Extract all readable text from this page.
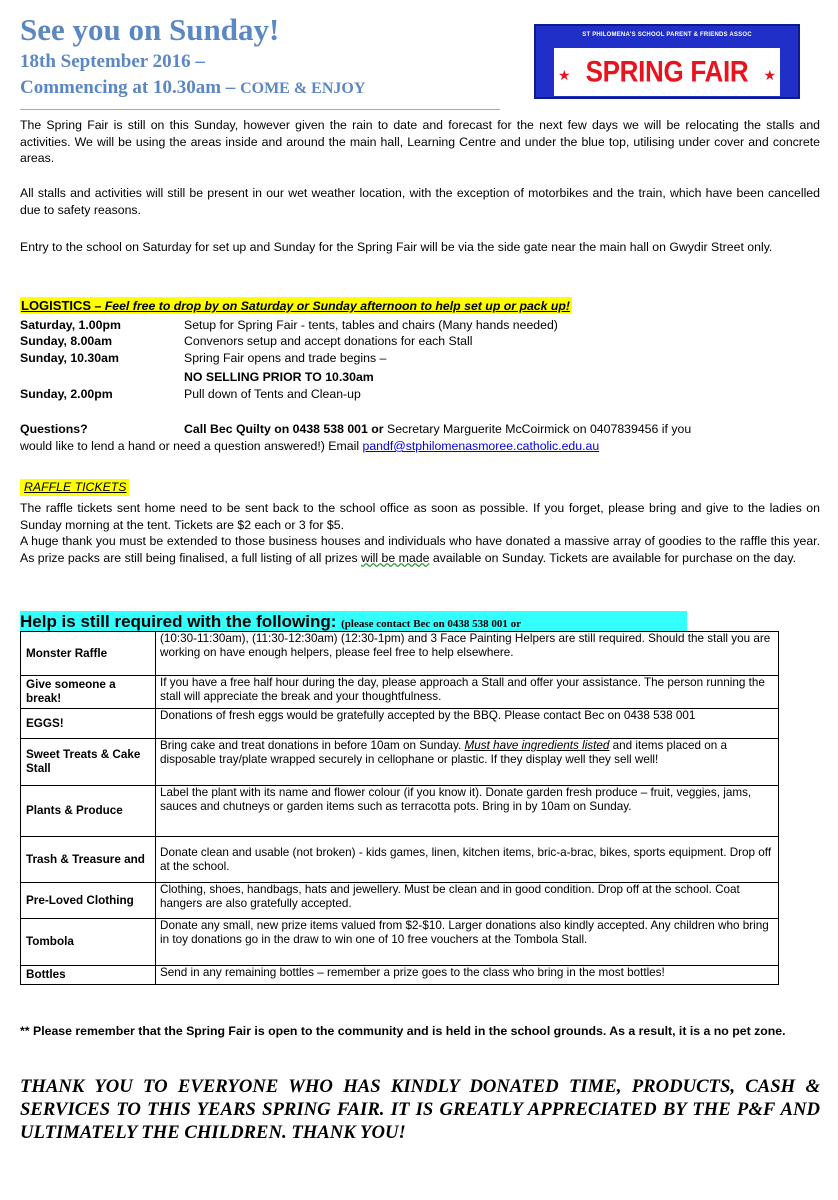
See you on Sunday!
18th September 2016 –
Commencing at 10.30am – COME & ENJOY
ST PHILOMENA'S SCHOOL PARENT & FRIENDS ASSOC
★	★
SPRING FAIR
The Spring Fair is still on this Sunday, however given the rain to date and forecast for the next few days we will be relocating the stalls and activities. We will be using the areas inside and around the main hall, Learning Centre and under the blue top, utilising under cover and concrete areas.
All stalls and activities will still be present in our wet weather location, with the exception of motorbikes and the train, which have been cancelled due to safety reasons.
Entry to the school on Saturday for set up and Sunday for the Spring Fair will be via the side gate near the main hall on Gwydir Street only.
LOGISTICS – Feel free to drop by on Saturday or Sunday afternoon to help set up or pack up!
Saturday, 1.00pm	Setup for Spring Fair - tents, tables and chairs (Many hands needed)
Sunday, 8.00am	Convenors setup and accept donations for each Stall
Sunday, 10.30am	Spring Fair opens and trade begins –
NO SELLING PRIOR TO 10.30am
Sunday, 2.00pm	Pull down of Tents and Clean-up
Questions?	Call Bec Quilty on 0438 538 001 or Secretary Marguerite McCoirmick on 0407839456 if you
would like to lend a hand or need a question answered!) Email pandf@stphilomenasmoree.catholic.edu.au
RAFFLE TICKETS
The raffle tickets sent home need to be sent back to the school office as soon as possible. If you forget, please bring and give to the ladies on Sunday morning at the tent. Tickets are $2 each or 3 for $5.
A huge thank you must be extended to those business houses and individuals who have donated a massive array of goodies to the raffle this year. As prize packs are still being finalised, a full listing of all prizes will be made available on Sunday. Tickets are available for purchase on the day.
Help is still required with the following: (please contact Bec on 0438 538 001 or
Monster Raffle	(10:30-11:30am), (11:30-12:30am) (12:30-1pm) and 3 Face Painting Helpers are still required. Should the stall you are working on have enough helpers, please feel free to help elsewhere.
Give someone a break!	If you have a free half hour during the day, please approach a Stall and offer your assistance. The person running the stall will appreciate the break and your thoughtfulness.
EGGS!	Donations of fresh eggs would be gratefully accepted by the BBQ. Please contact Bec on 0438 538 001
Sweet Treats & Cake Stall	Bring cake and treat donations in before 10am on Sunday. Must have ingredients listed and items placed on a disposable tray/plate wrapped securely in cellophane or plastic. If they display well they sell well!
Plants & Produce	Label the plant with its name and flower colour (if you know it). Donate garden fresh produce – fruit, veggies, jams, sauces and chutneys or garden items such as terracotta pots. Bring in by 10am on Sunday.
Trash & Treasure and	Donate clean and usable (not broken) - kids games, linen, kitchen items, bric-a-brac, bikes, sports equipment. Drop off at the school.
Pre-Loved Clothing	Clothing, shoes, handbags, hats and jewellery. Must be clean and in good condition. Drop off at the school. Coat hangers are also gratefully accepted.
Tombola	Donate any small, new prize items valued from $2-$10. Larger donations also kindly accepted. Any children who bring in toy donations go in the draw to win one of 10 free vouchers at the Tombola Stall.
Bottles	Send in any remaining bottles – remember a prize goes to the class who bring in the most bottles!
** Please remember that the Spring Fair is open to the community and is held in the school grounds. As a result, it is a no pet zone.
THANK YOU TO EVERYONE WHO HAS KINDLY DONATED TIME, PRODUCTS, CASH & SERVICES TO THIS YEARS SPRING FAIR. IT IS GREATLY APPRECIATED BY THE P&F AND ULTIMATELY THE CHILDREN. THANK YOU!
